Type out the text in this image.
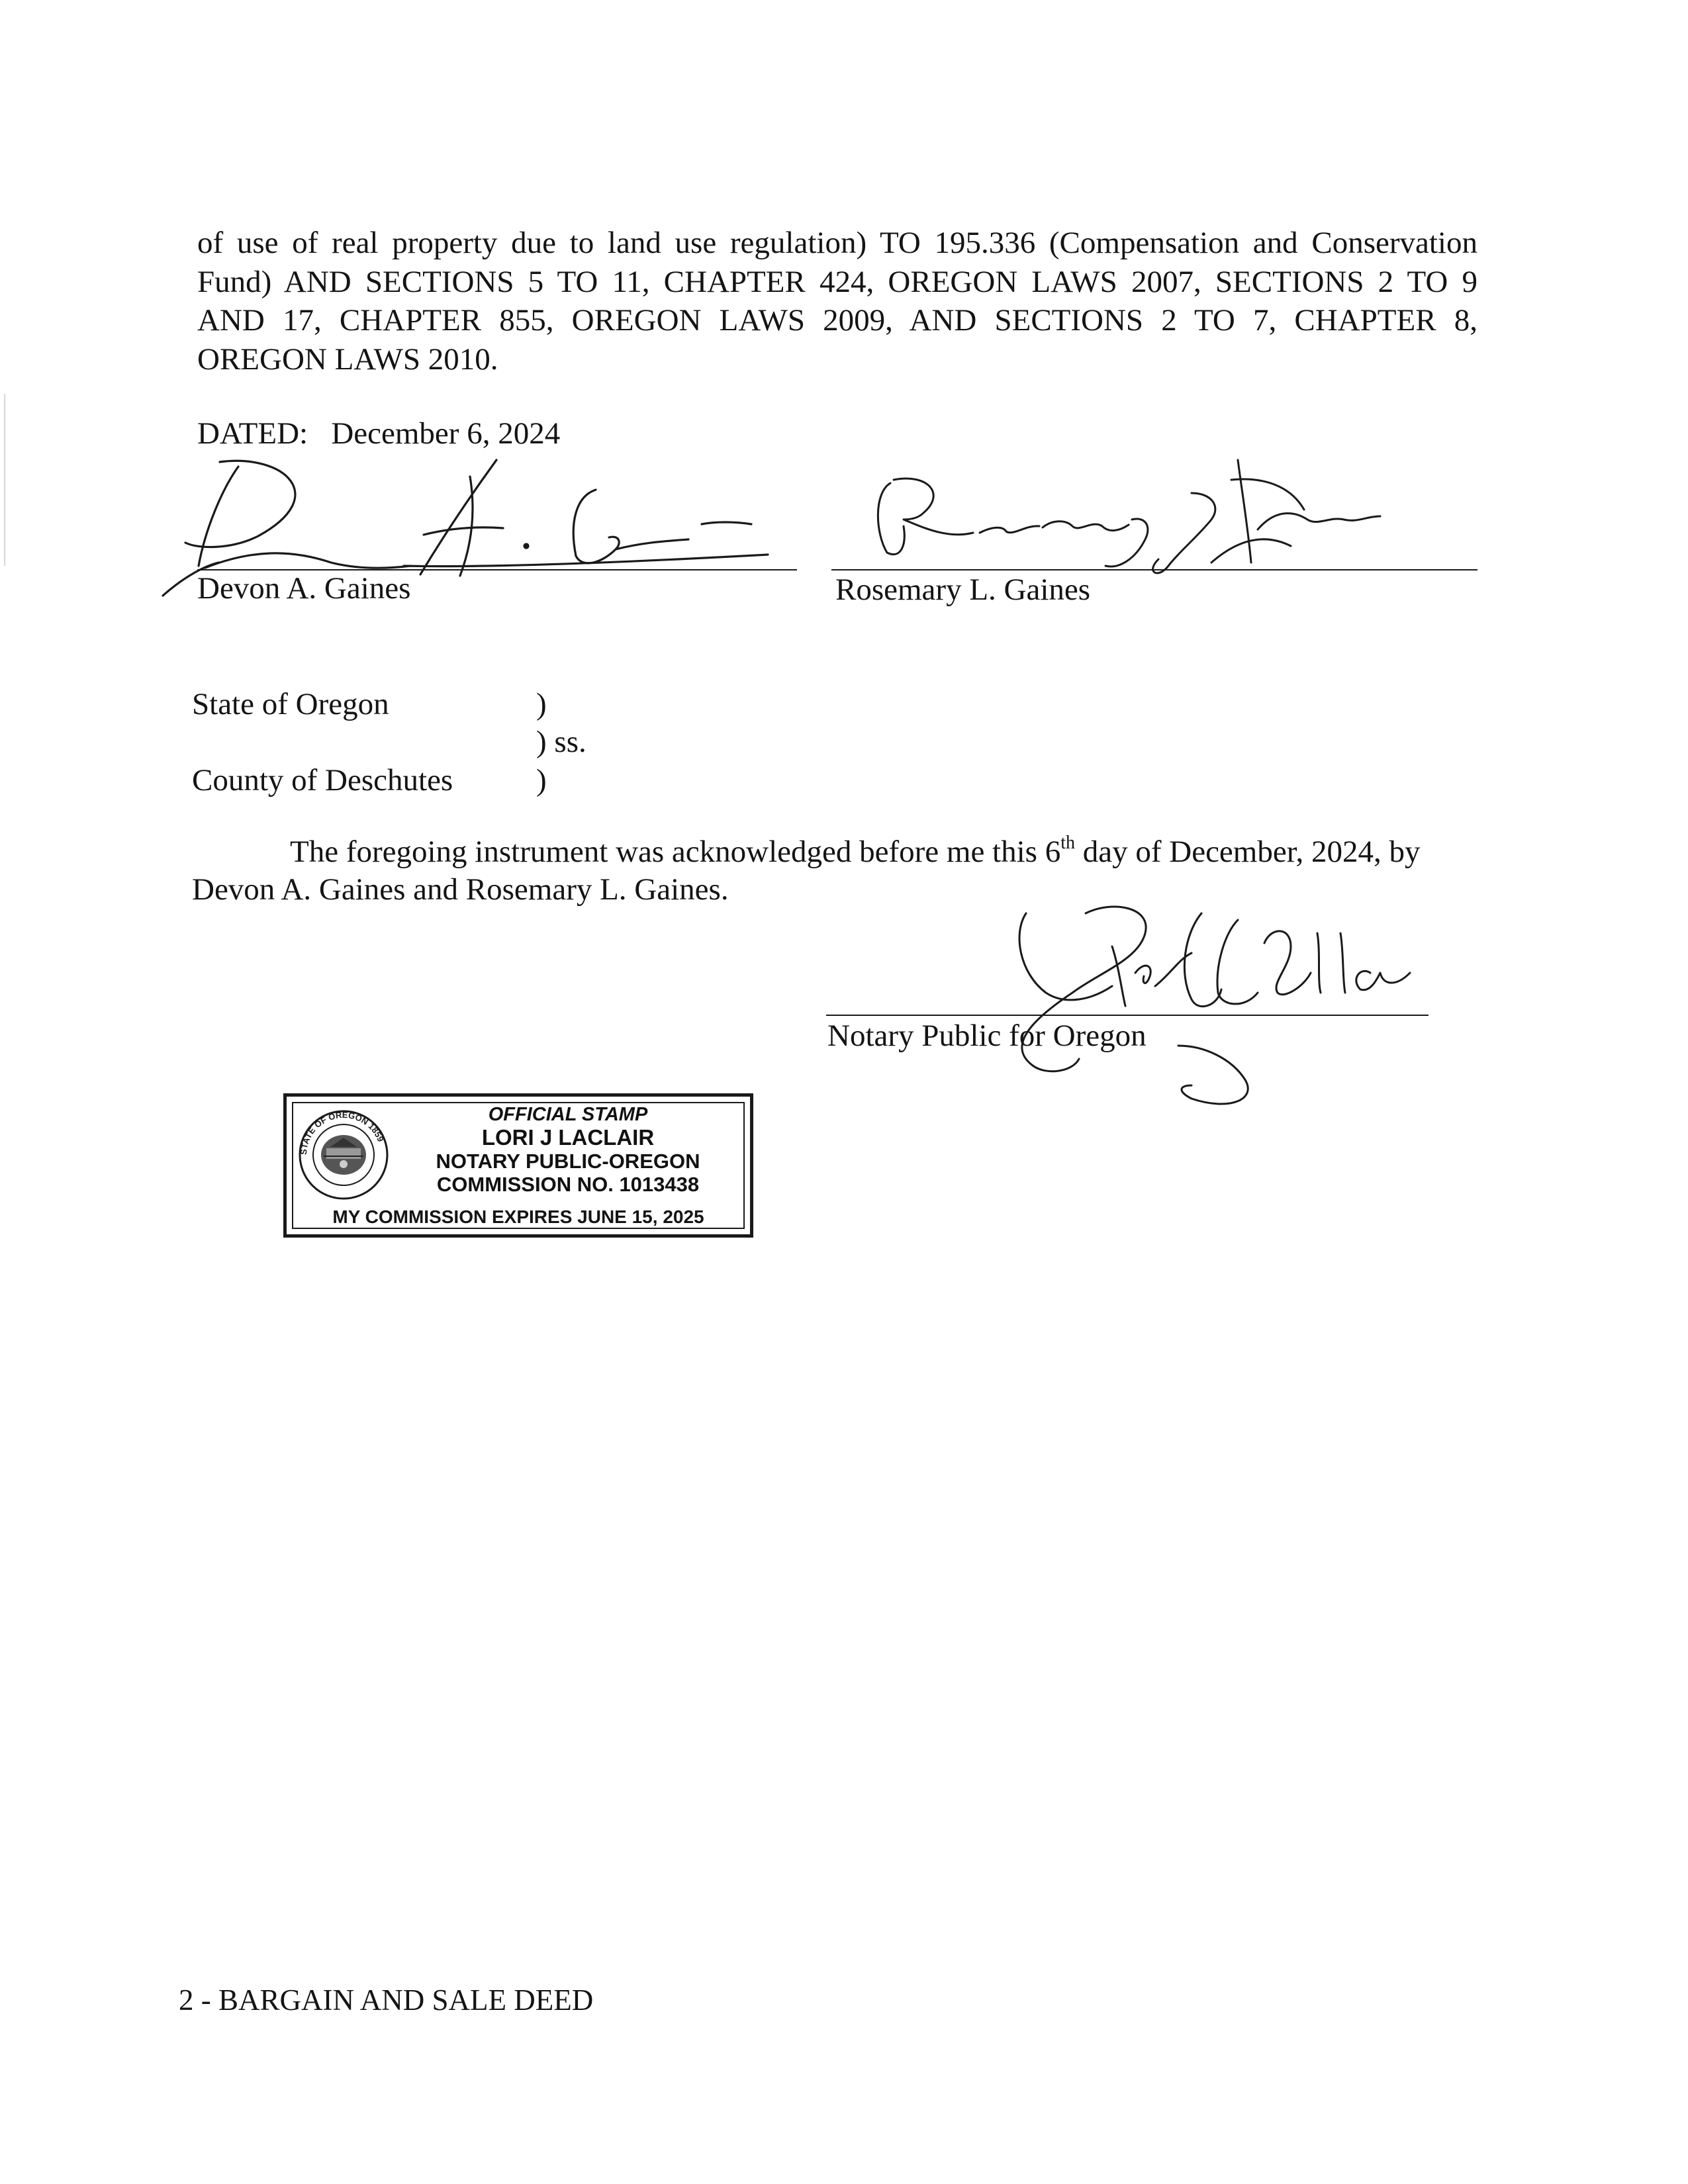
of use of real property due to land use regulation) TO 195.336 (Compensation and Conservation
Fund) AND SECTIONS 5 TO 11, CHAPTER 424, OREGON LAWS 2007, SECTIONS 2 TO 9
AND 17, CHAPTER 855, OREGON LAWS 2009, AND SECTIONS 2 TO 7, CHAPTER 8,
OREGON LAWS 2010.
DATED: December 6, 2024
Devon A. Gaines	Rosemary L. Gaines
State of Oregon	)
) ss.
County of Deschutes	)
The foregoing instrument was acknowledged before me this 6th day of December, 2024, by
Devon A. Gaines and Rosemary L. Gaines.
Notary Public for Oregon
STATE OF OREGON 1859
OFFICIAL STAMP
LORI J LACLAIR
NOTARY PUBLIC-OREGON
COMMISSION NO. 1013438
MY COMMISSION EXPIRES JUNE 15, 2025
2 - BARGAIN AND SALE DEED
